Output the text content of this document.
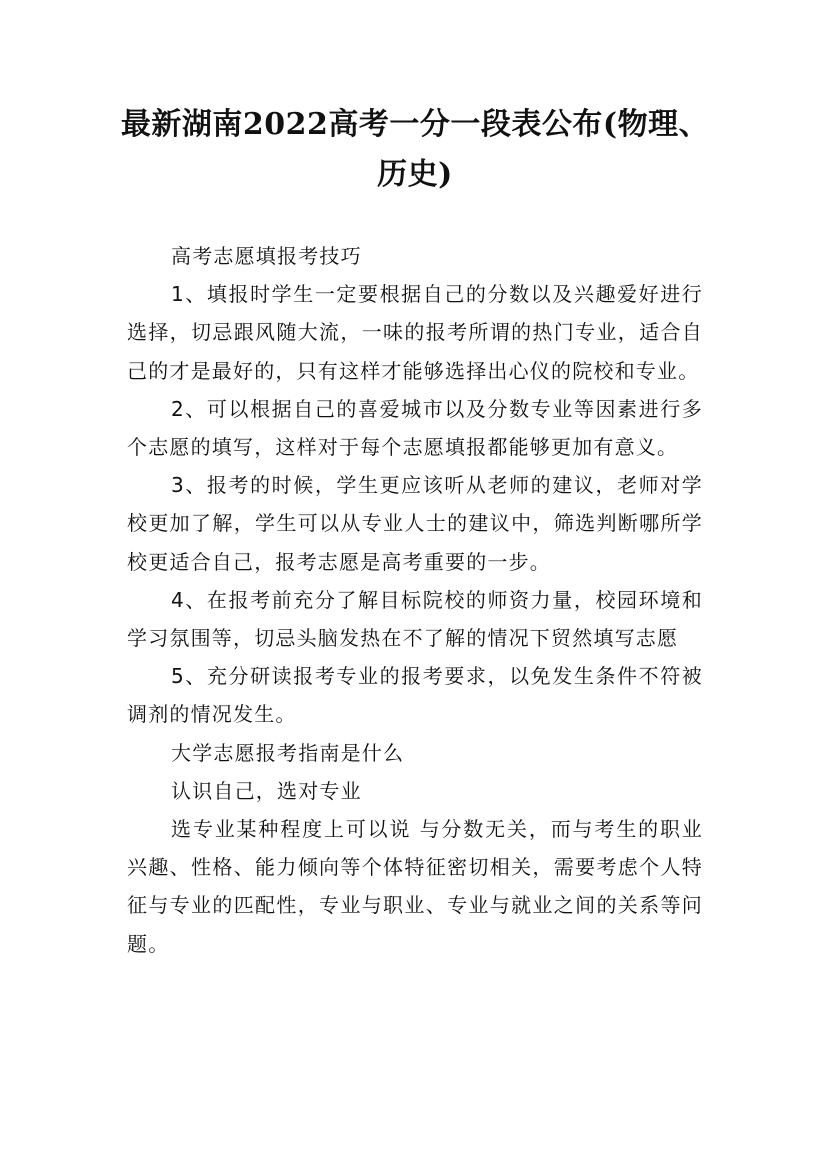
最新湖南2022高考一分一段表公布(物理、历史)

高考志愿填报考技巧

1、填报时学生一定要根据自己的分数以及兴趣爱好进行选择，切忌跟风随大流，一味的报考所谓的热门专业，适合自己的才是最好的，只有这样才能够选择出心仪的院校和专业。

2、可以根据自己的喜爱城市以及分数专业等因素进行多个志愿的填写，这样对于每个志愿填报都能够更加有意义。

3、报考的时候，学生更应该听从老师的建议，老师对学校更加了解，学生可以从专业人士的建议中，筛选判断哪所学校更适合自己，报考志愿是高考重要的一步。

4、在报考前充分了解目标院校的师资力量，校园环境和学习氛围等，切忌头脑发热在不了解的情况下贸然填写志愿

5、充分研读报考专业的报考要求，以免发生条件不符被调剂的情况发生。

大学志愿报考指南是什么

认识自己，选对专业

选专业某种程度上可以说 与分数无关，而与考生的职业兴趣、性格、能力倾向等个体特征密切相关，需要考虑个人特征与专业的匹配性，专业与职业、专业与就业之间的关系等问题。
